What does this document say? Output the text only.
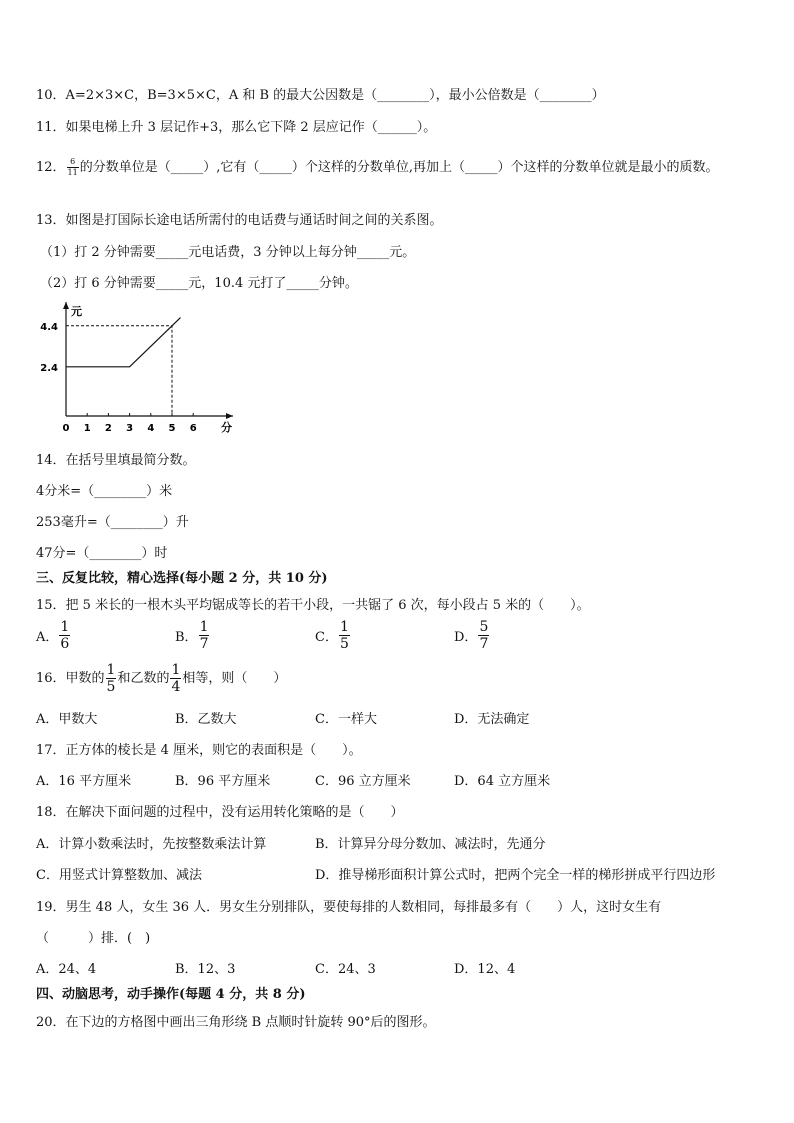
10．A=2×3×C，B=3×5×C，A 和 B 的最大公因数是（________），最小公倍数是（________）
11．如果电梯上升 3 层记作+3，那么它下降 2 层应记作（______）。
12． $\frac{6}{11}$ 的分数单位是（_____）,它有（_____）个这样的分数单位,再加上（_____）个这样的分数单位就是最小的质数。
13．如图是打国际长途电话所需付的电话费与通话时间之间的关系图。
（1）打 2 分钟需要_____元电话费，3 分钟以上每分钟_____元。
（2）打 6 分钟需要_____元，10.4 元打了_____分钟。
0 1 2 3 4 5 6
2.4
4.4
元
分
14．在括号里填最简分数。
4分米=（________）米
253毫升=（________）升
47分=（________）时
三、反复比较，精心选择(每小题 2 分，共 10 分)
15．把 5 米长的一根木头平均锯成等长的若干小段，一共锯了 6 次，每小段占 5 米的（　　）。
A． $\frac{1}{6}$	B． $\frac{1}{7}$	C． $\frac{1}{5}$	D． $\frac{5}{7}$
16．甲数的 $\frac{1}{5}$ 和乙数的 $\frac{1}{4}$ 相等，则（　　）
A．甲数大	B．乙数大	C．一样大	D．无法确定
17．正方体的棱长是 4 厘米，则它的表面积是（　　）。
A．16 平方厘米	B．96 平方厘米	C．96 立方厘米	D．64 立方厘米
18．在解决下面问题的过程中，没有运用转化策略的是（　　）
A．计算小数乘法时，先按整数乘法计算	B．计算异分母分数加、减法时，先通分
C．用竖式计算整数加、减法	D．推导梯形面积计算公式时，把两个完全一样的梯形拼成平行四边形
19．男生 48 人，女生 36 人．男女生分别排队，要使每排的人数相同，每排最多有（　　）人，这时女生有
（　　　）排．(　)
A．24、4	B．12、3	C．24、3	D．12、4
四、动脑思考，动手操作(每题 4 分，共 8 分)
20．在下边的方格图中画出三角形绕 B 点顺时针旋转 90°后的图形。
